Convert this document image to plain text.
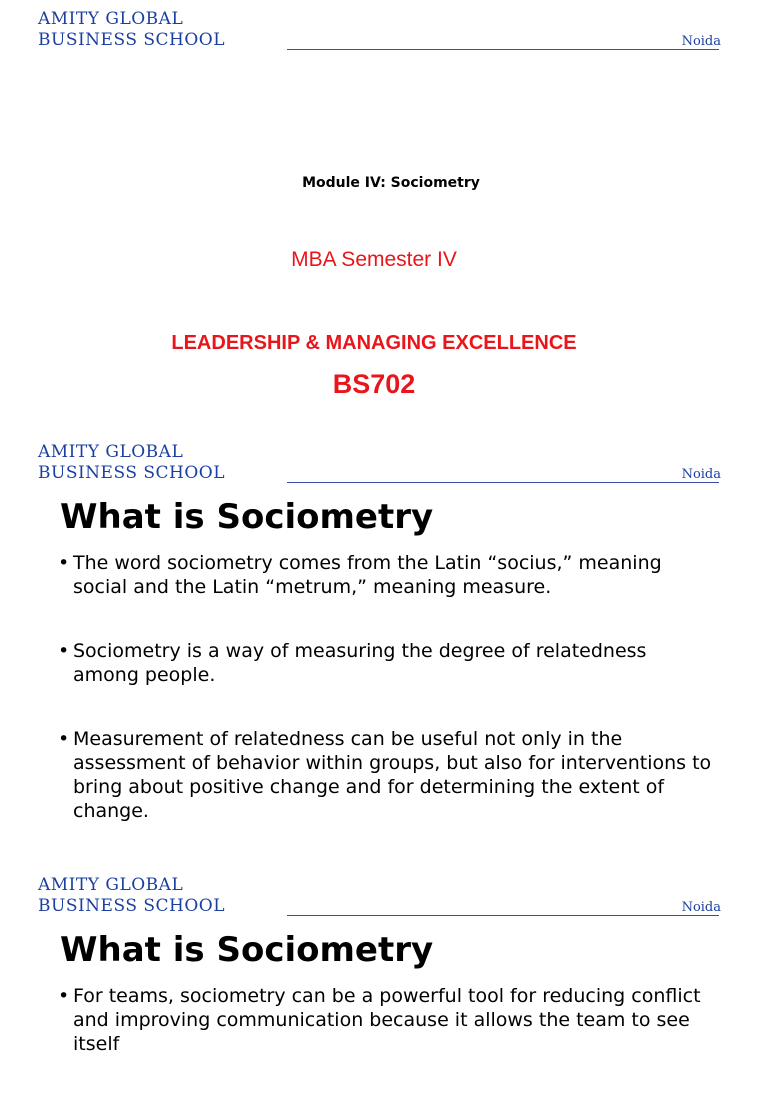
AMITY GLOBAL
BUSINESS SCHOOL	Noida
Module IV: Sociometry
MBA Semester IV
LEADERSHIP & MANAGING EXCELLENCE
BS702
AMITY GLOBAL
BUSINESS SCHOOL	Noida
What is Sociometry
• The word sociometry comes from the Latin “socius,” meaning social and the Latin “metrum,” meaning measure.
• Sociometry is a way of measuring the degree of relatedness among people.
• Measurement of relatedness can be useful not only in the assessment of behavior within groups, but also for interventions to bring about positive change and for determining the extent of change.
AMITY GLOBAL
BUSINESS SCHOOL	Noida
What is Sociometry
• For teams, sociometry can be a powerful tool for reducing conflict and improving communication because it allows the team to see itself
